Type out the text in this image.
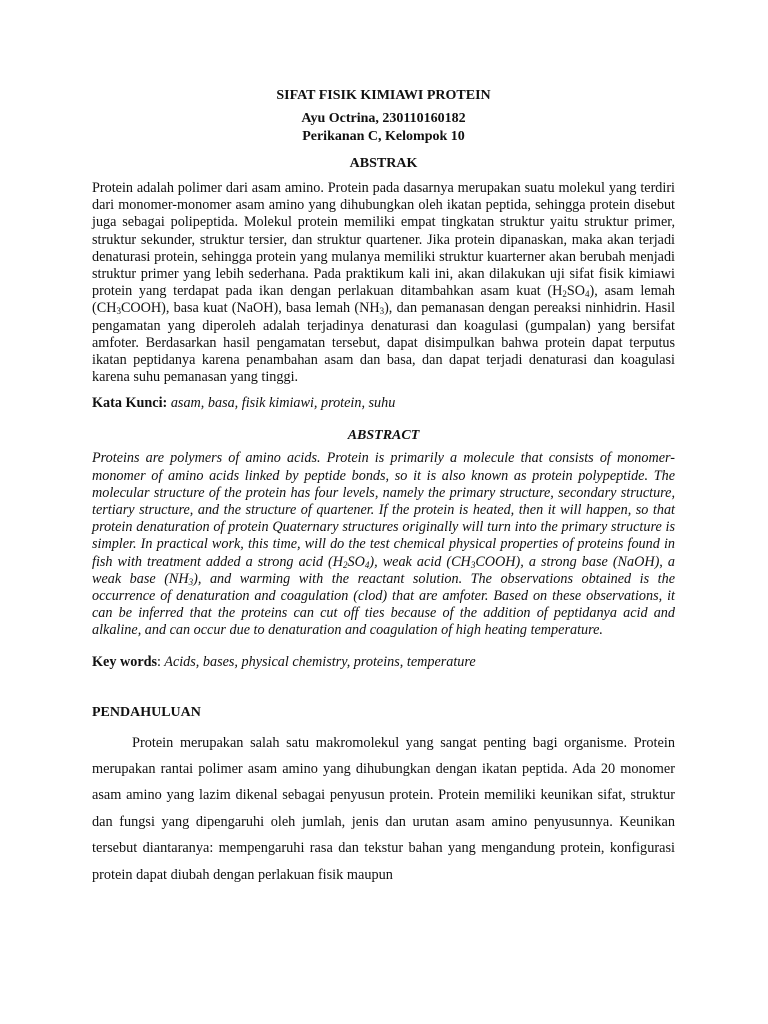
SIFAT FISIK KIMIAWI PROTEIN
Ayu Octrina, 230110160182
Perikanan C, Kelompok 10
ABSTRAK

Protein adalah polimer dari asam amino. Protein pada dasarnya merupakan suatu molekul yang terdiri dari monomer-monomer asam amino yang dihubungkan oleh ikatan peptida, sehingga protein disebut juga sebagai polipeptida. Molekul protein memiliki empat tingkatan struktur yaitu struktur primer, struktur sekunder, struktur tersier, dan struktur quartener. Jika protein dipanaskan, maka akan terjadi denaturasi protein, sehingga protein yang mulanya memiliki struktur kuarterner akan berubah menjadi struktur primer yang lebih sederhana. Pada praktikum kali ini, akan dilakukan uji sifat fisik kimiawi protein yang terdapat pada ikan dengan perlakuan ditambahkan asam kuat $(H_2SO_4)$, asam lemah $(CH_3COOH)$, basa kuat (NaOH), basa lemah $(NH_3)$, dan pemanasan dengan pereaksi ninhidrin. Hasil pengamatan yang diperoleh adalah terjadinya denaturasi dan koagulasi (gumpalan) yang bersifat amfoter. Berdasarkan hasil pengamatan tersebut, dapat disimpulkan bahwa protein dapat terputus ikatan peptidanya karena penambahan asam dan basa, dan dapat terjadi denaturasi dan koagulasi karena suhu pemanasan yang tinggi.

Kata Kunci: asam, basa, fisik kimiawi, protein, suhu
ABSTRACT

Proteins are polymers of amino acids. Protein is primarily a molecule that consists of monomer-monomer of amino acids linked by peptide bonds, so it is also known as protein polypeptide. The molecular structure of the protein has four levels, namely the primary structure, secondary structure, tertiary structure, and the structure of quartener. If the protein is heated, then it will happen, so that protein denaturation of protein Quaternary structures originally will turn into the primary structure is simpler. In practical work, this time, will do the test chemical physical properties of proteins found in fish with treatment added a strong acid $(H_2SO_4)$, weak acid $(CH_3COOH)$, a strong base (NaOH), a weak base $(NH_3)$, and warming with the reactant solution. The observations obtained is the occurrence of denaturation and coagulation (clod) that are amfoter. Based on these observations, it can be inferred that the proteins can cut off ties because of the addition of peptidanya acid and alkaline, and can occur due to denaturation and coagulation of high heating temperature.

Key words: Acids, bases, physical chemistry, proteins, temperature
PENDAHULUAN

Protein merupakan salah satu makromolekul yang sangat penting bagi organisme. Protein merupakan rantai polimer asam amino yang dihubungkan dengan ikatan peptida. Ada 20 monomer asam amino yang lazim dikenal sebagai penyusun protein. Protein memiliki keunikan sifat, struktur dan fungsi yang dipengaruhi oleh jumlah, jenis dan urutan asam amino penyusunnya. Keunikan tersebut diantaranya: mempengaruhi rasa dan tekstur bahan yang mengandung protein, konfigurasi protein dapat diubah dengan perlakuan fisik maupun
